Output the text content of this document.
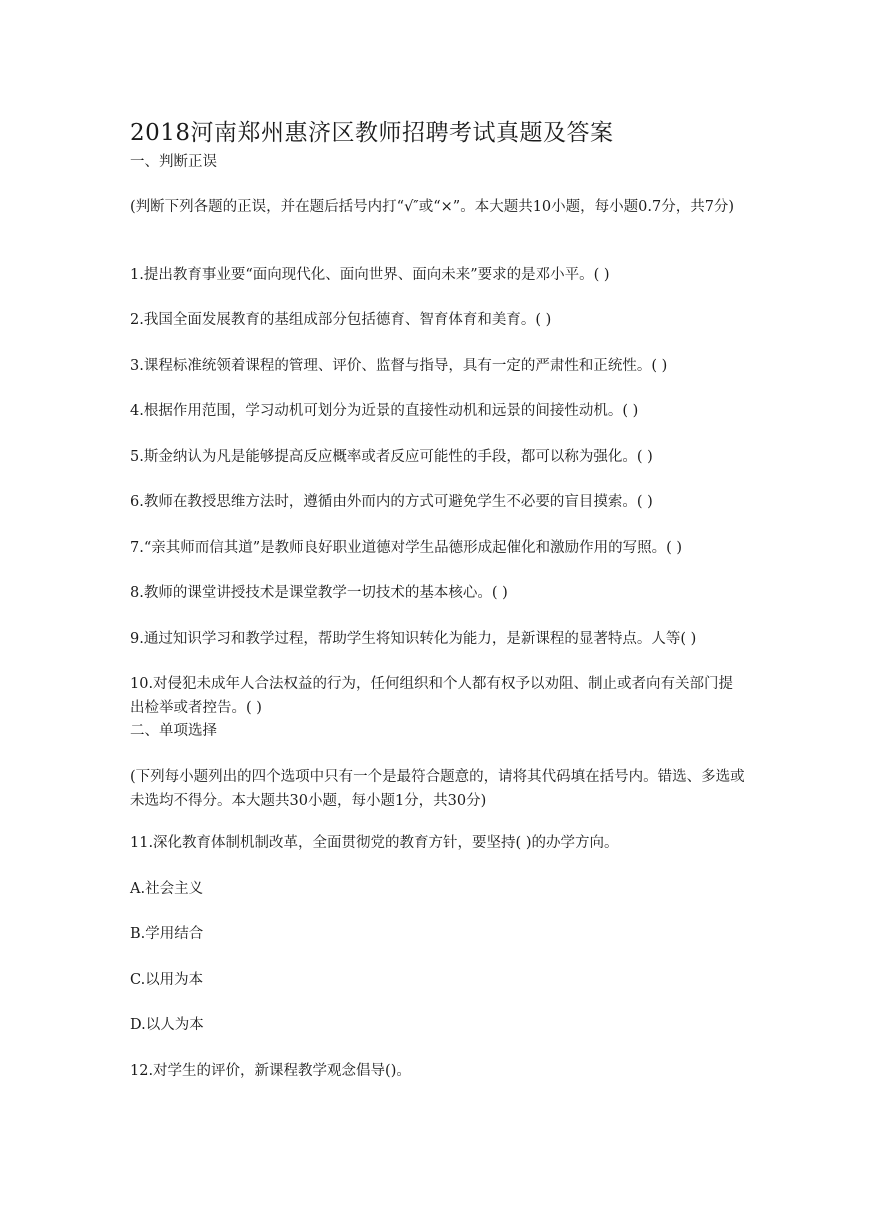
2018河南郑州惠济区教师招聘考试真题及答案

一、判断正误

(判断下列各题的正误，并在题后括号内打“√″或“×”。本大题共10小题，每小题0.7分，共7分)

1.提出教育事业要“面向现代化、面向世界、面向未来”要求的是邓小平。( )

2.我国全面发展教育的基组成部分包括德育、智育体育和美育。( )

3.课程标准统领着课程的管理、评价、监督与指导，具有一定的严肃性和正统性。( )

4.根据作用范围，学习动机可划分为近景的直接性动机和远景的间接性动机。( )

5.斯金纳认为凡是能够提高反应概率或者反应可能性的手段，都可以称为强化。( )

6.教师在教授思维方法时，遵循由外而内的方式可避免学生不必要的盲目摸索。( )

7.“亲其师而信其道”是教师良好职业道德对学生品德形成起催化和激励作用的写照。( )

8.教师的课堂讲授技术是课堂教学一切技术的基本核心。( )

9.通过知识学习和教学过程，帮助学生将知识转化为能力，是新课程的显著特点。人等( )

10.对侵犯未成年人合法权益的行为，任何组织和个人都有权予以劝阻、制止或者向有关部门提出检举或者控告。( )

二、单项选择

(下列每小题列出的四个选项中只有一个是最符合题意的，请将其代码填在括号内。错选、多选或未选均不得分。本大题共30小题，每小题1分，共30分)

11.深化教育体制机制改革，全面贯彻党的教育方针，要坚持( )的办学方向。

A.社会主义

B.学用结合

C.以用为本

D.以人为本

12.对学生的评价，新课程教学观念倡导()。
